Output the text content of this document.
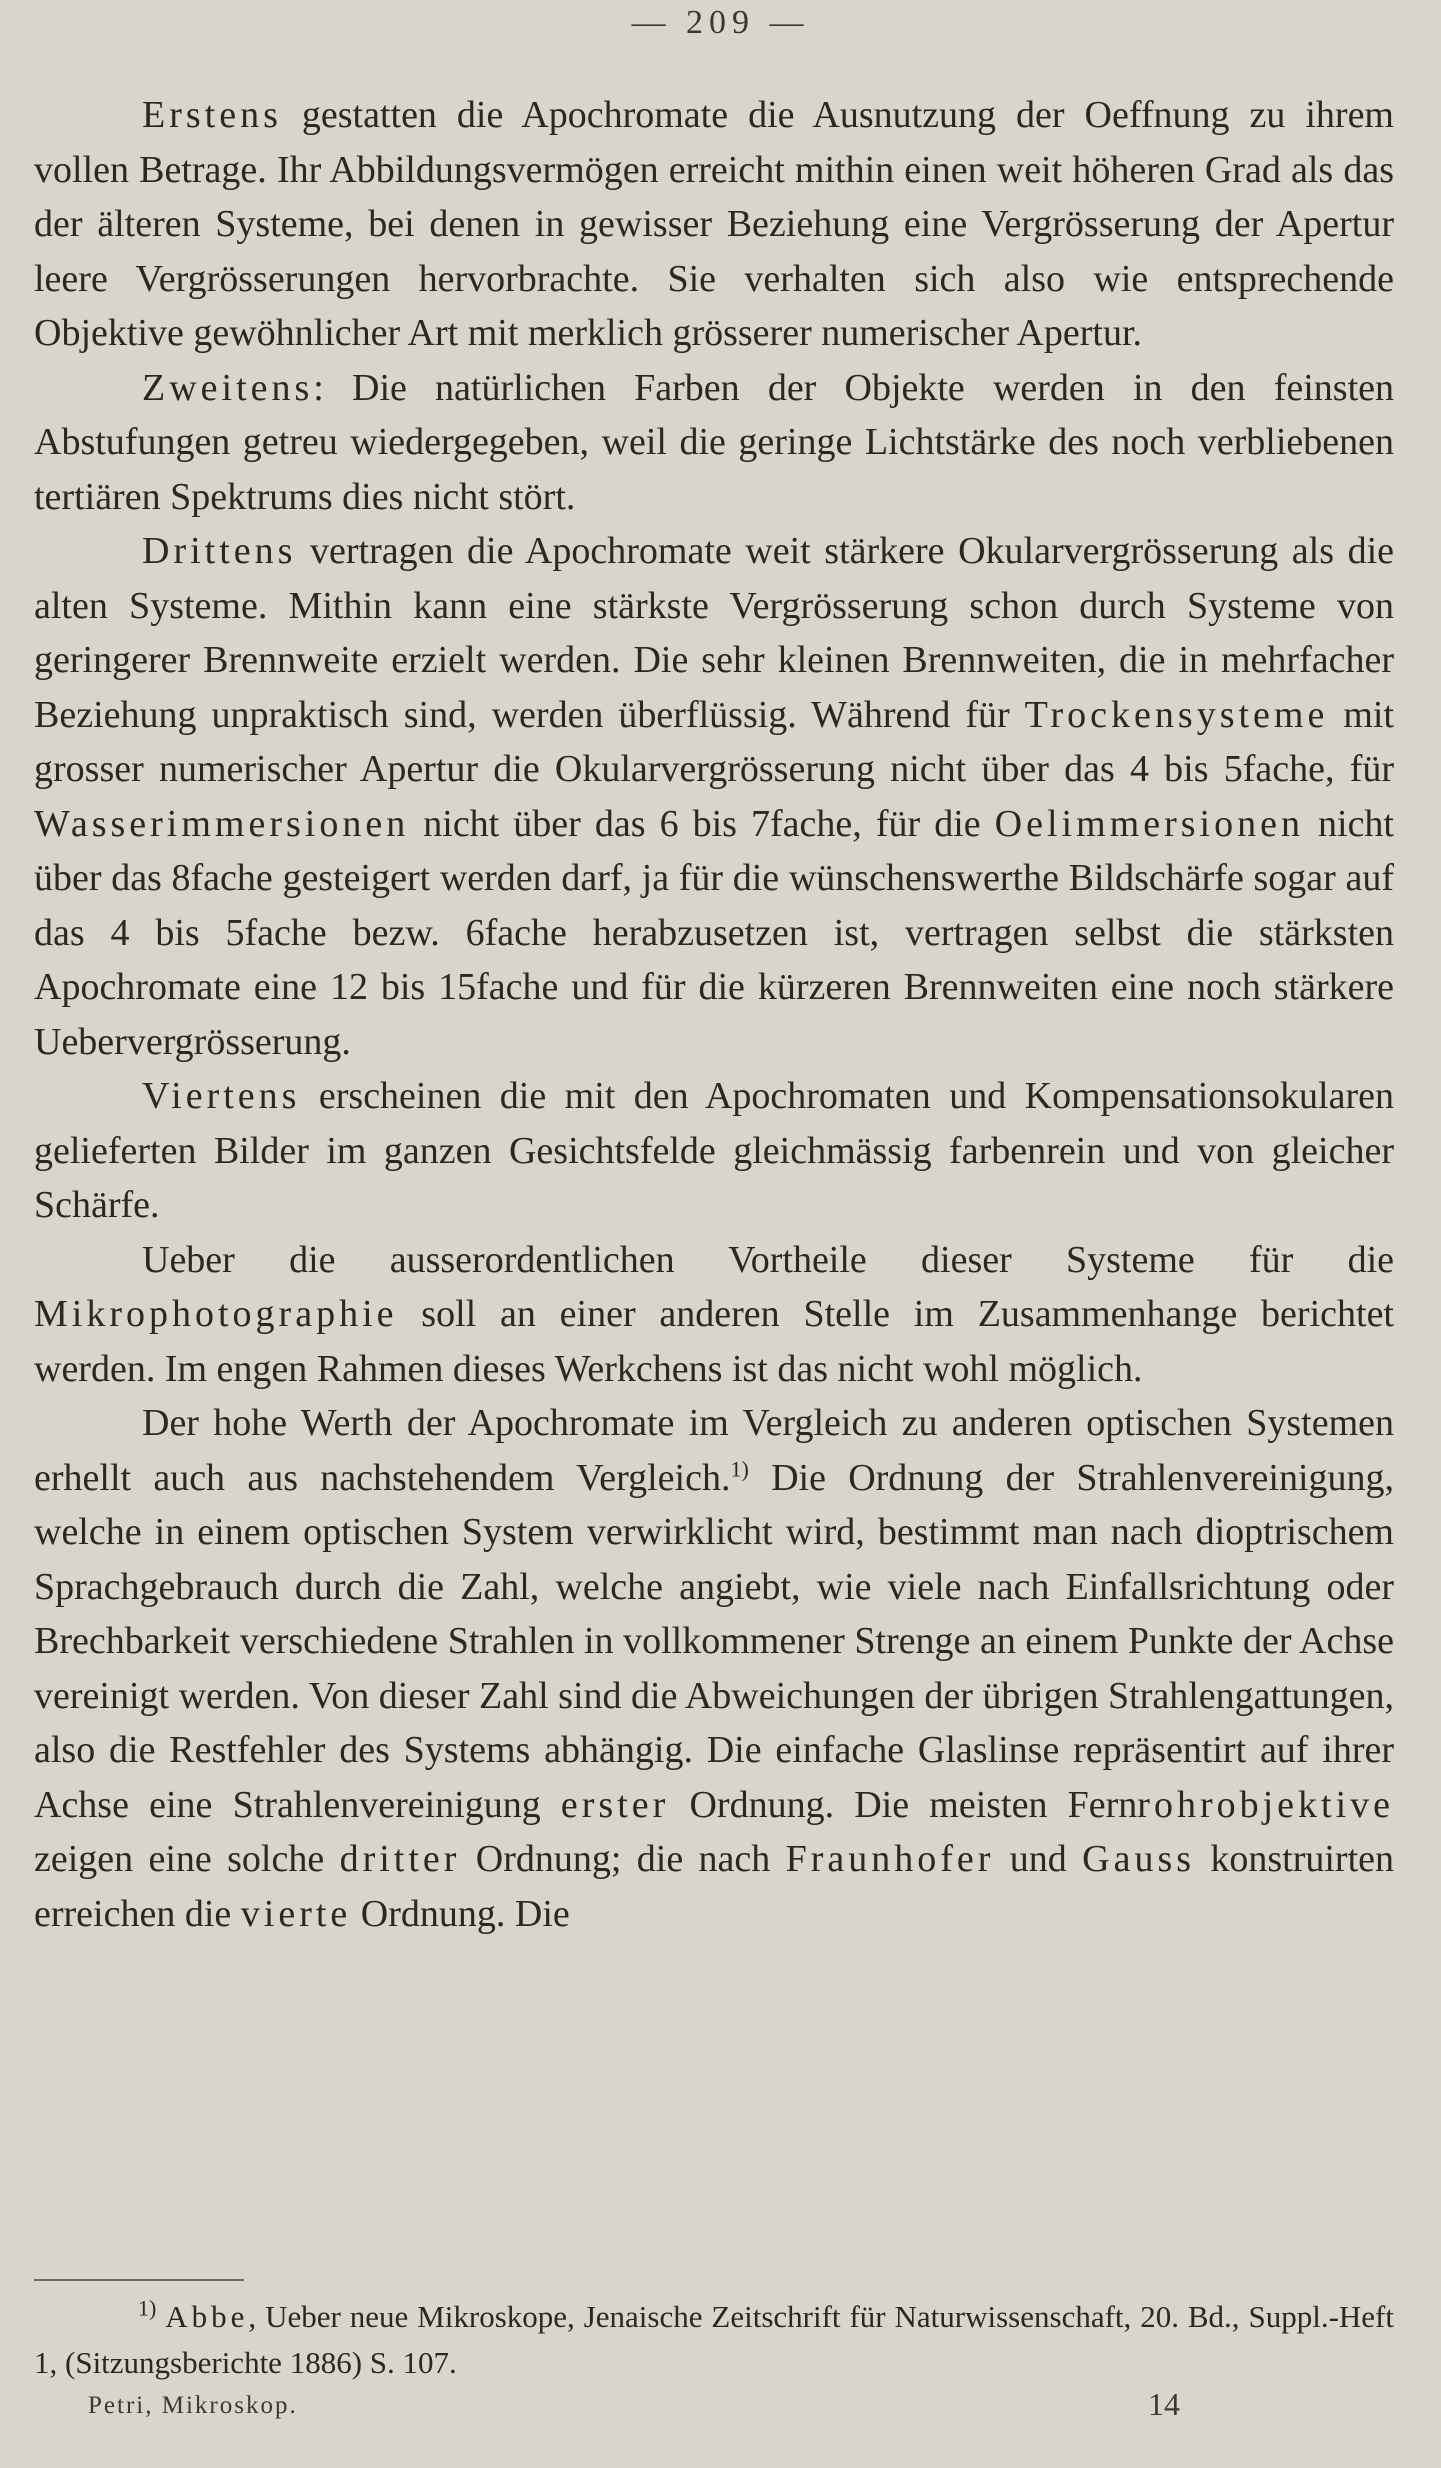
— 209 —

Erstens gestatten die Apochromate die Ausnutzung der Oeffnung zu ihrem vollen Betrage. Ihr Abbildungsvermögen erreicht mithin einen weit höheren Grad als das der älteren Systeme, bei denen in gewisser Beziehung eine Vergrösserung der Apertur leere Vergrösserungen hervorbrachte. Sie verhalten sich also wie entsprechende Objektive gewöhnlicher Art mit merklich grösserer numerischer Apertur.

Zweitens: Die natürlichen Farben der Objekte werden in den feinsten Abstufungen getreu wiedergegeben, weil die geringe Lichtstärke des noch verbliebenen tertiären Spektrums dies nicht stört.

Drittens vertragen die Apochromate weit stärkere Okularvergrösserung als die alten Systeme. Mithin kann eine stärkste Vergrösserung schon durch Systeme von geringerer Brennweite erzielt werden. Die sehr kleinen Brennweiten, die in mehrfacher Beziehung unpraktisch sind, werden überflüssig. Während für Trockensysteme mit grosser numerischer Apertur die Okularvergrösserung nicht über das 4 bis 5fache, für Wasserimmersionen nicht über das 6 bis 7fache, für die Oelimmersionen nicht über das 8fache gesteigert werden darf, ja für die wünschenswerthe Bildschärfe sogar auf das 4 bis 5fache bezw. 6fache herabzusetzen ist, vertragen selbst die stärksten Apochromate eine 12 bis 15fache und für die kürzeren Brennweiten eine noch stärkere Uebervergrösserung.

Viertens erscheinen die mit den Apochromaten und Kompensationsokularen gelieferten Bilder im ganzen Gesichtsfelde gleichmässig farbenrein und von gleicher Schärfe.

Ueber die ausserordentlichen Vortheile dieser Systeme für die Mikrophotographie soll an einer anderen Stelle im Zusammenhange berichtet werden. Im engen Rahmen dieses Werkchens ist das nicht wohl möglich.

Der hohe Werth der Apochromate im Vergleich zu anderen optischen Systemen erhellt auch aus nachstehendem Vergleich.$^{1)}$ Die Ordnung der Strahlenvereinigung, welche in einem optischen System verwirklicht wird, bestimmt man nach dioptrischem Sprachgebrauch durch die Zahl, welche angiebt, wie viele nach Einfallsrichtung oder Brechbarkeit verschiedene Strahlen in vollkommener Strenge an einem Punkte der Achse vereinigt werden. Von dieser Zahl sind die Abweichungen der übrigen Strahlengattungen, also die Restfehler des Systems abhängig. Die einfache Glaslinse repräsentirt auf ihrer Achse eine Strahlenvereinigung erster Ordnung. Die meisten Fernrohrobjektive zeigen eine solche dritter Ordnung; die nach Fraunhofer und Gauss konstruirten erreichen die vierte Ordnung. Die

$^{1)}$ Abbe, Ueber neue Mikroskope, Jenaische Zeitschrift für Naturwissenschaft, 20. Bd., Suppl.-Heft 1, (Sitzungsberichte 1886) S. 107.

Petri, Mikroskop.	14
